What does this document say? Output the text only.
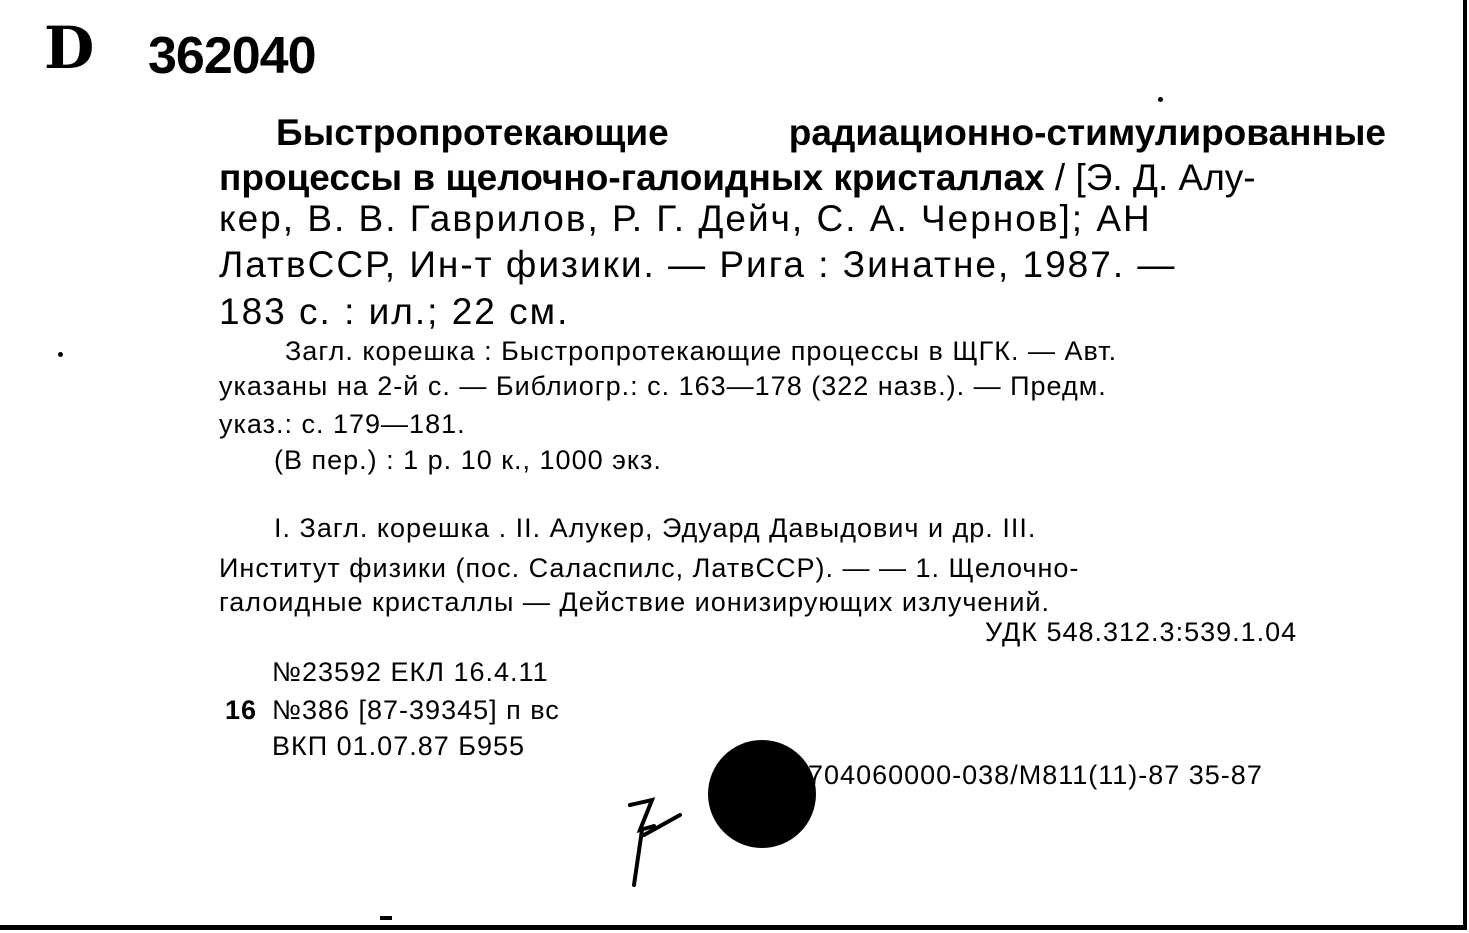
D 362040
Быстропротекающие	радиационно-стимулированные
процессы в щелочно-галоидных кристаллах / [Э. Д. Алу-
кер, В. В. Гаврилов, Р. Г. Дейч, С. А. Чернов]; АН
ЛатвССР, Ин-т физики. — Рига : Зинатне, 1987. —
183 с. : ил.; 22 см.
Загл. корешка : Быстропротекающие процессы в ЩГК. — Авт.
указаны на 2-й с. — Библиогр.: с. 163—178 (322 назв.). — Предм.
указ.: с. 179—181.
(В пер.) : 1 р. 10 к., 1000 экз.
I. Загл. корешка . II. Алукер, Эдуард Давыдович и др. III.
Институт физики (пос. Саласпилс, ЛатвССР). — — 1. Щелочно-
галоидные кристаллы — Действие ионизирующих излучений.
УДК 548.312.3:539.1.04
№23592 ЕКЛ 16.4.11
16 №386 [87-39345] п вс
ВКП 01.07.87 Б955
1704060000-038/M811(11)-87 35-87
